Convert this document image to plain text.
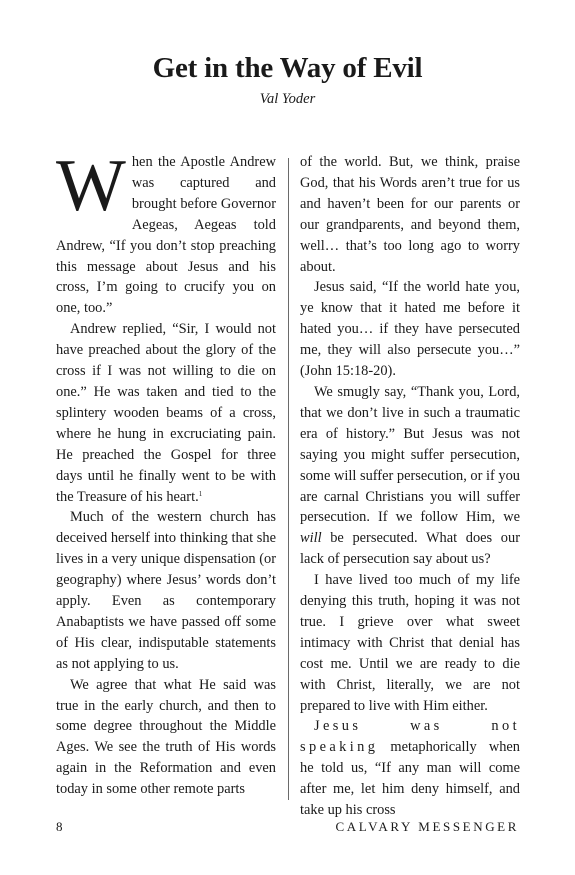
Get in the Way of Evil
Val Yoder

When the Apostle Andrew was captured and brought before Governor Aegeas, Aegeas told Andrew, “If you don’t stop preaching this message about Jesus and his cross, I’m going to crucify you on one, too.”

Andrew replied, “Sir, I would not have preached about the glory of the cross if I was not willing to die on one.” He was taken and tied to the splintery wooden beams of a cross, where he hung in excruciating pain. He preached the Gospel for three days until he finally went to be with the Treasure of his heart.$^1$

Much of the western church has deceived herself into thinking that she lives in a very unique dispensation (or geography) where Jesus’ words don’t apply. Even as contemporary Anabaptists we have passed off some of His clear, indisputable statements as not applying to us.

We agree that what He said was true in the early church, and then to some degree throughout the Middle Ages. We see the truth of His words again in the Reformation and even today in some other remote parts

of the world. But, we think, praise God, that his Words aren’t true for us and haven’t been for our parents or our grandparents, and beyond them, well… that’s too long ago to worry about.

Jesus said, “If the world hate you, ye know that it hated me before it hated you… if they have persecuted me, they will also persecute you…” (John 15:18-20).

We smugly say, “Thank you, Lord, that we don’t live in such a traumatic era of history.” But Jesus was not saying you might suffer persecution, some will suffer persecution, or if you are carnal Christians you will suffer persecution. If we follow Him, we will be persecuted. What does our lack of persecution say about us?

I have lived too much of my life denying this truth, hoping it was not true. I grieve over what sweet intimacy with Christ that denial has cost me. Until we are ready to die with Christ, literally, we are not prepared to live with Him either.

Jesus was not speaking metaphorically when he told us, “If any man will come after me, let him deny himself, and take up his cross

8	CALVARY MESSENGER
